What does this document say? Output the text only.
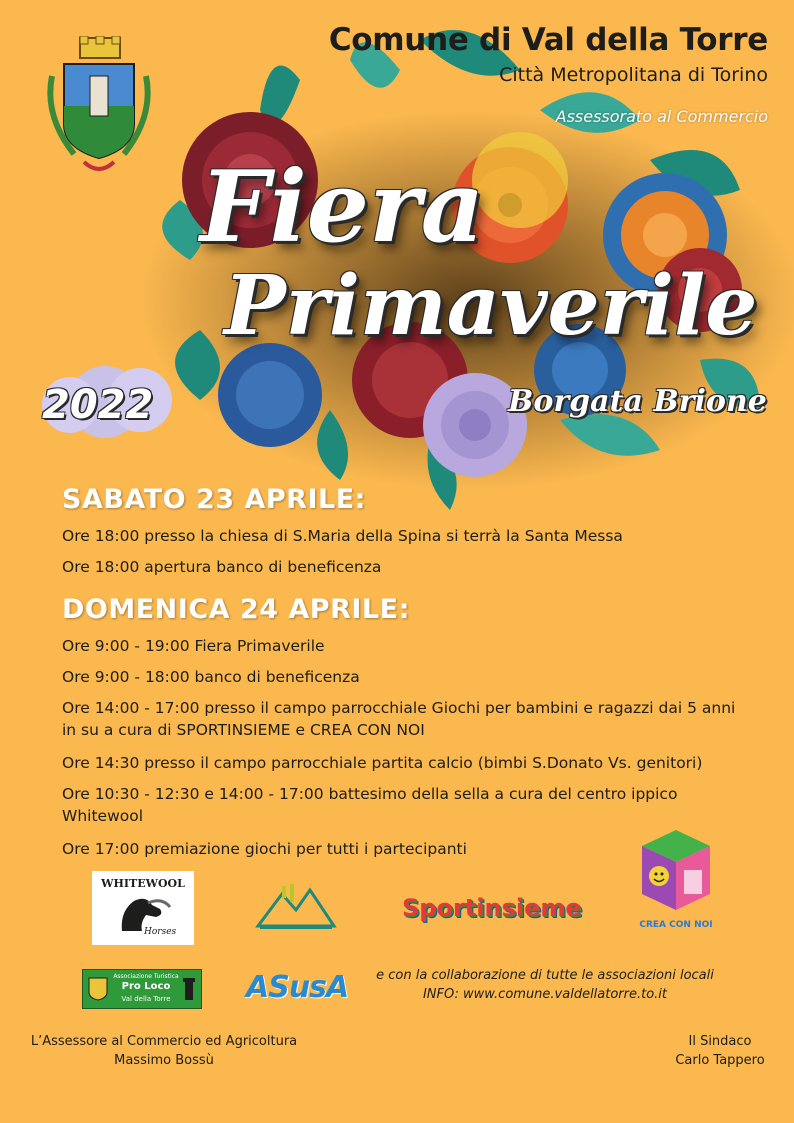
Comune di Val della Torre
Città Metropolitana di Torino
Assessorato al Commercio
Fiera
Primaverile
2022	Borgata Brione
SABATO 23 APRILE:
Ore 18:00 presso la chiesa di S.Maria della Spina si terrà la Santa Messa
Ore 18:00 apertura banco di beneficenza
DOMENICA 24 APRILE:
Ore 9:00 - 19:00 Fiera Primaverile
Ore 9:00 - 18:00 banco di beneficenza
Ore 14:00 - 17:00 presso il campo parrocchiale Giochi per bambini e ragazzi dai 5 anni in su a cura di SPORTINSIEME e CREA CON NOI
Ore 14:30 presso il campo parrocchiale partita calcio (bimbi S.Donato Vs. genitori)
Ore 10:30 - 12:30 e 14:00 - 17:00 battesimo della sella a cura del centro ippico Whitewool
Ore 17:00 premiazione giochi per tutti i partecipanti
WHITEWOOL
Horses
Sportinsieme
CREA CON NOI
Associazione Turistica
Pro Loco
Val della Torre	ASusA	e con la collaborazione di tutte le associazioni locali
INFO: www.comune.valdellatorre.to.it
L’Assessore al Commercio ed Agricoltura
Massimo Bossù
Il Sindaco
Carlo Tappero
